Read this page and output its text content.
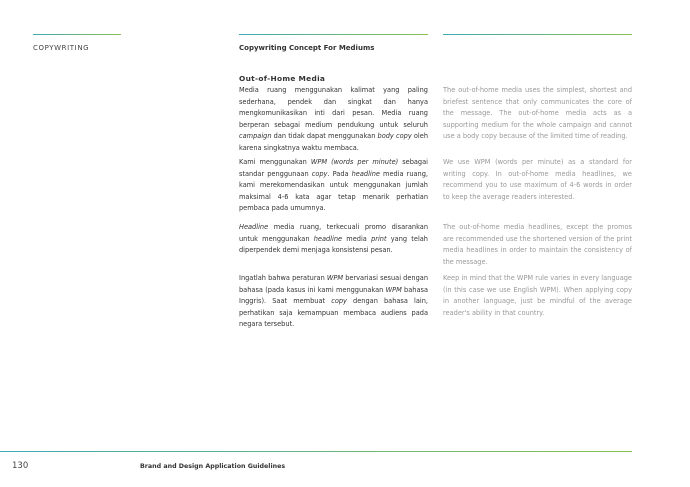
COPYWRITING	Copywriting Concept For Mediums

Out-of-Home Media

Media ruang menggunakan kalimat yang paling sederhana, pendek dan singkat dan hanya mengkomunikasikan inti dari pesan. Media ruang berperan sebagai medium pendukung untuk seluruh campaign dan tidak dapat menggunakan body copy oleh karena singkatnya waktu membaca.

Kami menggunakan WPM (words per minute) sebagai standar penggunaan copy. Pada headline media ruang, kami merekomendasikan untuk menggunakan jumlah maksimal 4-6 kata agar tetap menarik perhatian pembaca pada umumnya.

Headline media ruang, terkecuali promo disarankan untuk menggunakan headline media print yang telah diperpendek demi menjaga konsistensi pesan.

Ingatlah bahwa peraturan WPM bervariasi sesuai dengan bahasa (pada kasus ini kami menggunakan WPM bahasa Inggris). Saat membuat copy dengan bahasa lain, perhatikan saja kemampuan membaca audiens pada negara tersebut.

The out-of-home media uses the simplest, shortest and briefest sentence that only communicates the core of the message. The out-of-home media acts as a supporting medium for the whole campaign and cannot use a body copy because of the limited time of reading.

We use WPM (words per minute) as a standard for writing copy. In out-of-home media headlines, we recommend you to use maximum of 4-6 words in order to keep the average readers interested.

The out-of-home media headlines, except the promos are recommended use the shortened version of the print media headlines in order to maintain the consistency of the message.

Keep in mind that the WPM rule varies in every language (in this case we use English WPM). When applying copy in another language, just be mindful of the average reader's ability in that country.

130	Brand and Design Application Guidelines
